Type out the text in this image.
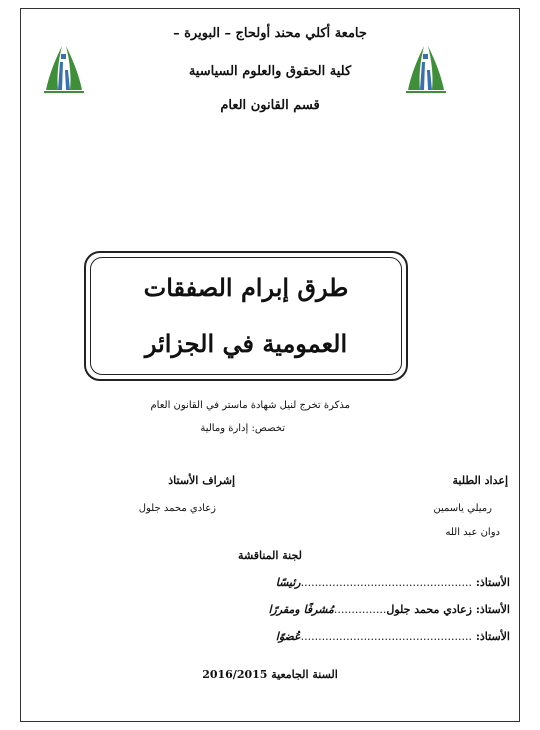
جامعة أكلي محند أولحاج – البويرة –
كلية الحقوق والعلوم السياسية
قسم القانون العام
طرق إبرام الصفقات
العمومية في الجزائر
مذكرة تخرج لنيل شهادة ماستر في القانون العام
تخصص: إدارة ومالية
إعداد الطلبة
رميلي ياسمين
دوان عبد الله
إشراف الأستاذ
زعادي محمد جلول
لجنة المناقشة
الأستاذ: .................................................رئيسًا
الأستاذ: زعادي محمد جلول...............مُشرفًا ومقررًا
الأستاذ: .................................................عُضوًا
السنة الجامعية 2016/2015
